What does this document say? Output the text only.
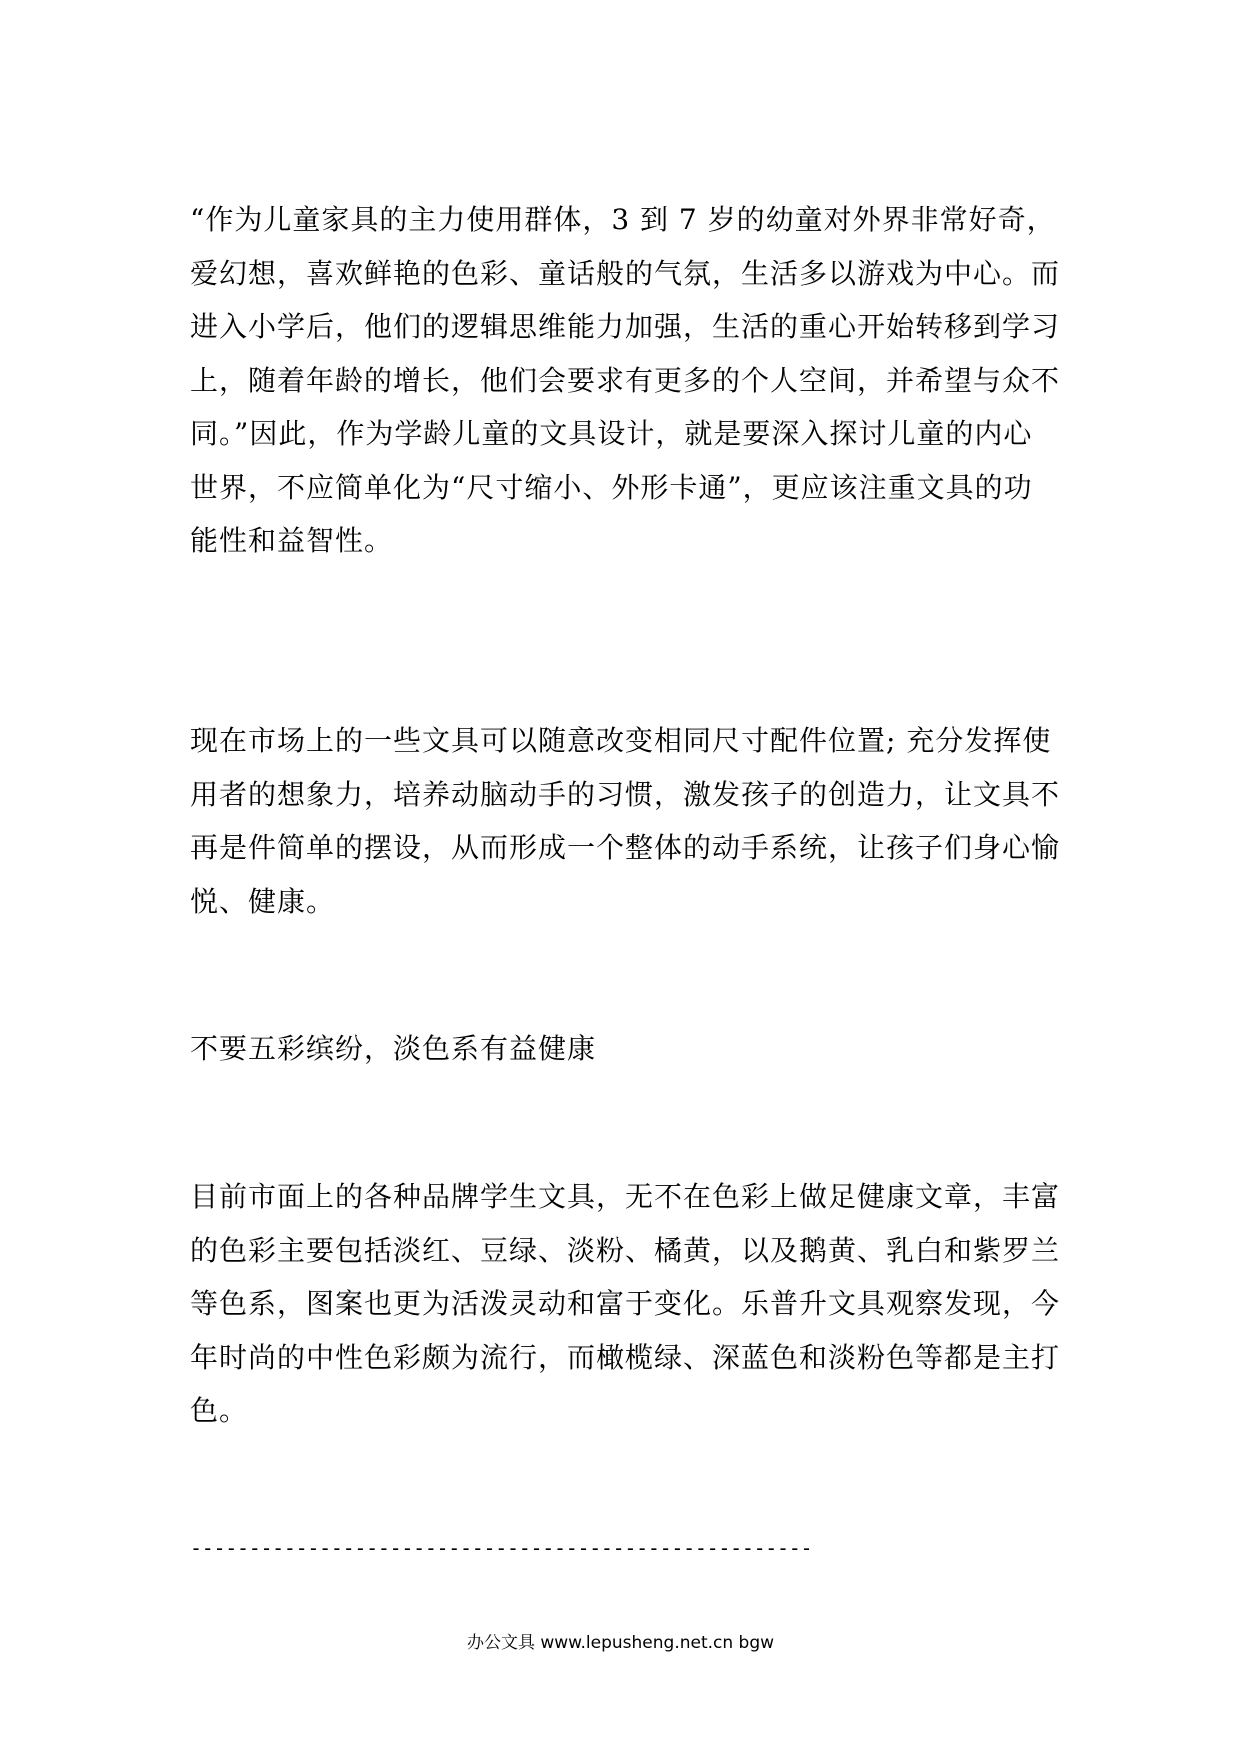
“作为儿童家具的主力使用群体，3 到 7 岁的幼童对外界非常好奇，
爱幻想，喜欢鲜艳的色彩、童话般的气氛，生活多以游戏为中心。而
进入小学后，他们的逻辑思维能力加强，生活的重心开始转移到学习
上，随着年龄的增长，他们会要求有更多的个人空间，并希望与众不
同。”因此，作为学龄儿童的文具设计，就是要深入探讨儿童的内心
世界，不应简单化为“尺寸缩小、外形卡通”，更应该注重文具的功
能性和益智性。
现在市场上的一些文具可以随意改变相同尺寸配件位置; 充分发挥使
用者的想象力，培养动脑动手的习惯，激发孩子的创造力，让文具不
再是件简单的摆设，从而形成一个整体的动手系统，让孩子们身心愉
悦、健康。
不要五彩缤纷，淡色系有益健康
目前市面上的各种品牌学生文具，无不在色彩上做足健康文章，丰富
的色彩主要包括淡红、豆绿、淡粉、橘黄，以及鹅黄、乳白和紫罗兰
等色系，图案也更为活泼灵动和富于变化。乐普升文具观察发现，今
年时尚的中性色彩颇为流行，而橄榄绿、深蓝色和淡粉色等都是主打
色。
-----------------------------------------------------
办公文具 www.lepusheng.net.cn bgw
